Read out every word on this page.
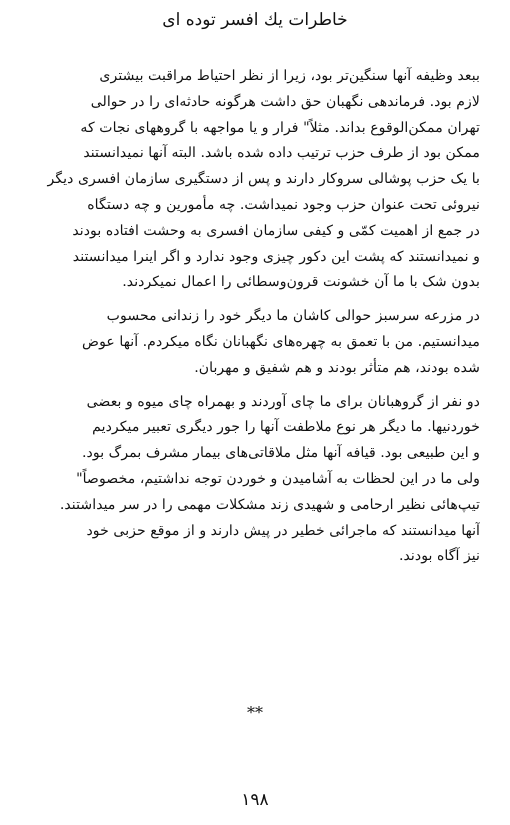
خاطرات یك افسر توده ای

ببعد وظیفه آنها سنگین‌تر بود، زیرا از نظر احتیاط مراقبت بیشتری
لازم بود. فرماندهی نگهبان حق داشت هرگونه حادثه‌ای را در حوالی
تهران ممکن‌الوقوع بداند. مثلاً" فرار و یا مواجهه با گروههای نجات که
ممکن بود از طرف حزب ترتیب داده شده باشد. البته آنها نمیدانستند
با یک حزب پوشالی سروکار دارند و پس از دستگیری سازمان افسری دیگر
نیروئی تحت عنوان حزب وجود نمیداشت. چه مأمورین و چه دستگاه
در جمع از اهمیت کمّی و کیفی سازمان افسری به وحشت افتاده بودند
و نمیدانستند که پشت این دکور چیزی وجود ندارد و اگر اینرا میدانستند
بدون شک با ما آن خشونت قرون‌وسطائی را اعمال نمیکردند.

در مزرعه سرسبز حوالی کاشان ما دیگر خود را زندانی محسوب
میدانستیم. من با تعمق به چهره‌های نگهبانان نگاه میکردم. آنها عوض
شده بودند، هم متأثر بودند و هم شفیق و مهربان.

دو نفر از گروهبانان برای ما چای آوردند و بهمراه چای میوه و بعضی
خوردنیها. ما دیگر هر نوع ملاطفت آنها را جور دیگری تعبیر میکردیم
و این طبیعی بود. قیافه آنها مثل ملاقاتی‌های بیمار مشرف بمرگ بود.
ولی ما در این لحظات به آشامیدن و خوردن توجه نداشتیم، مخصوصاً"
تیپ‌هائی نظیر ارحامی و شهیدی زند مشکلات مهمی را در سر میداشتند.
آنها میدانستند که ماجرائی خطیر در پیش دارند و از موقع حزبی خود
نیز آگاه بودند.

**
۱۹۸
